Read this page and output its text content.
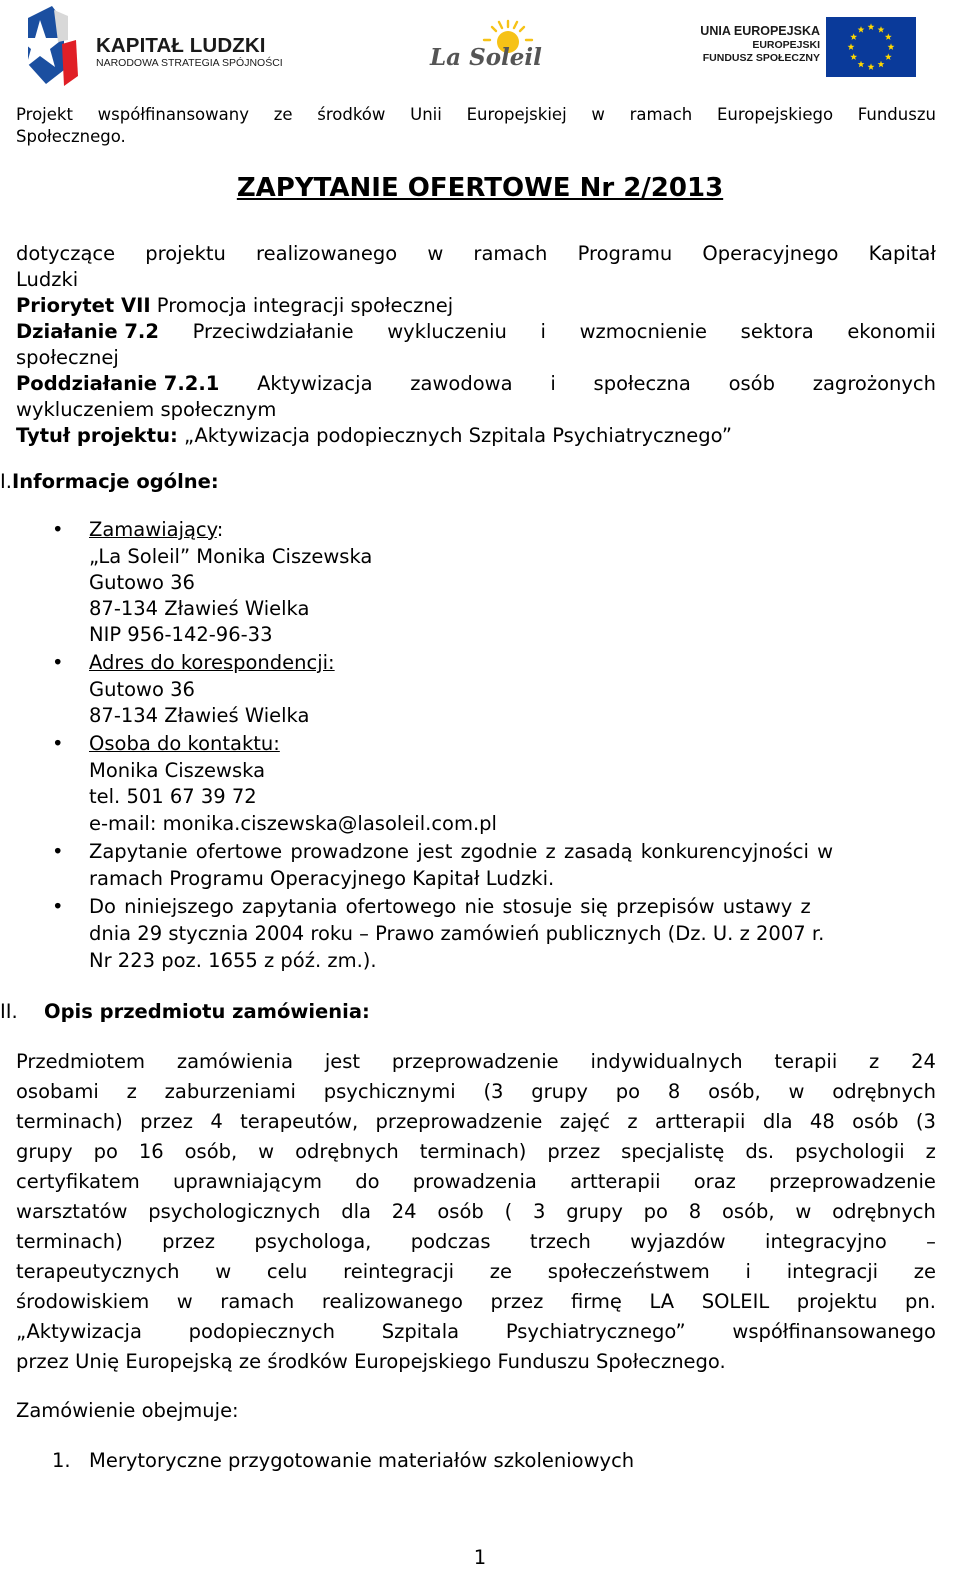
KAPITAŁ LUDZKI
NARODOWA STRATEGIA SPÓJNOŚCI	La Soleil
UNIA EUROPEJSKA
EUROPEJSKI
FUNDUSZ SPOŁECZNY
Projekt współfinansowany ze środków Unii Europejskiej w ramach Europejskiego Funduszu
Społecznego.
ZAPYTANIE OFERTOWE Nr 2/2013
dotyczące projektu realizowanego w ramach Programu Operacyjnego Kapitał
Ludzki
Priorytet VII Promocja integracji społecznej
Działanie 7.2 Przeciwdziałanie wykluczeniu i wzmocnienie sektora ekonomii
społecznej
Poddziałanie 7.2.1 Aktywizacja zawodowa i społeczna osób zagrożonych
wykluczeniem społecznym
Tytuł projektu: „Aktywizacja podopiecznych Szpitala Psychiatrycznego”
I.Informacje ogólne:
• Zamawiający:
„La Soleil” Monika Ciszewska
Gutowo 36
87-134 Zławieś Wielka
NIP 956-142-96-33
• Adres do korespondencji:
Gutowo 36
87-134 Zławieś Wielka
• Osoba do kontaktu:
Monika Ciszewska
tel. 501 67 39 72
e-mail: monika.ciszewska@lasoleil.com.pl
• Zapytanie ofertowe prowadzone jest zgodnie z zasadą konkurencyjności w
ramach Programu Operacyjnego Kapitał Ludzki.
• Do niniejszego zapytania ofertowego nie stosuje się przepisów ustawy z
dnia 29 stycznia 2004 roku – Prawo zamówień publicznych (Dz. U. z 2007 r.
Nr 223 poz. 1655 z póź. zm.).
II.	Opis przedmiotu zamówienia:
Przedmiotem zamówienia jest przeprowadzenie indywidualnych terapii z 24
osobami z zaburzeniami psychicznymi (3 grupy po 8 osób, w odrębnych
terminach) przez 4 terapeutów, przeprowadzenie zajęć z artterapii dla 48 osób (3
grupy po 16 osób, w odrębnych terminach) przez specjalistę ds. psychologii z
certyfikatem uprawniającym do prowadzenia artterapii oraz przeprowadzenie
warsztatów psychologicznych dla 24 osób ( 3 grupy po 8 osób, w odrębnych
terminach) przez psychologa, podczas trzech wyjazdów integracyjno –
terapeutycznych w celu reintegracji ze społeczeństwem i integracji ze
środowiskiem w ramach realizowanego przez firmę LA SOLEIL projektu pn.
„Aktywizacja podopiecznych Szpitala Psychiatrycznego” współfinansowanego
przez Unię Europejską ze środków Europejskiego Funduszu Społecznego.
Zamówienie obejmuje:
1. Merytoryczne przygotowanie materiałów szkoleniowych
1
